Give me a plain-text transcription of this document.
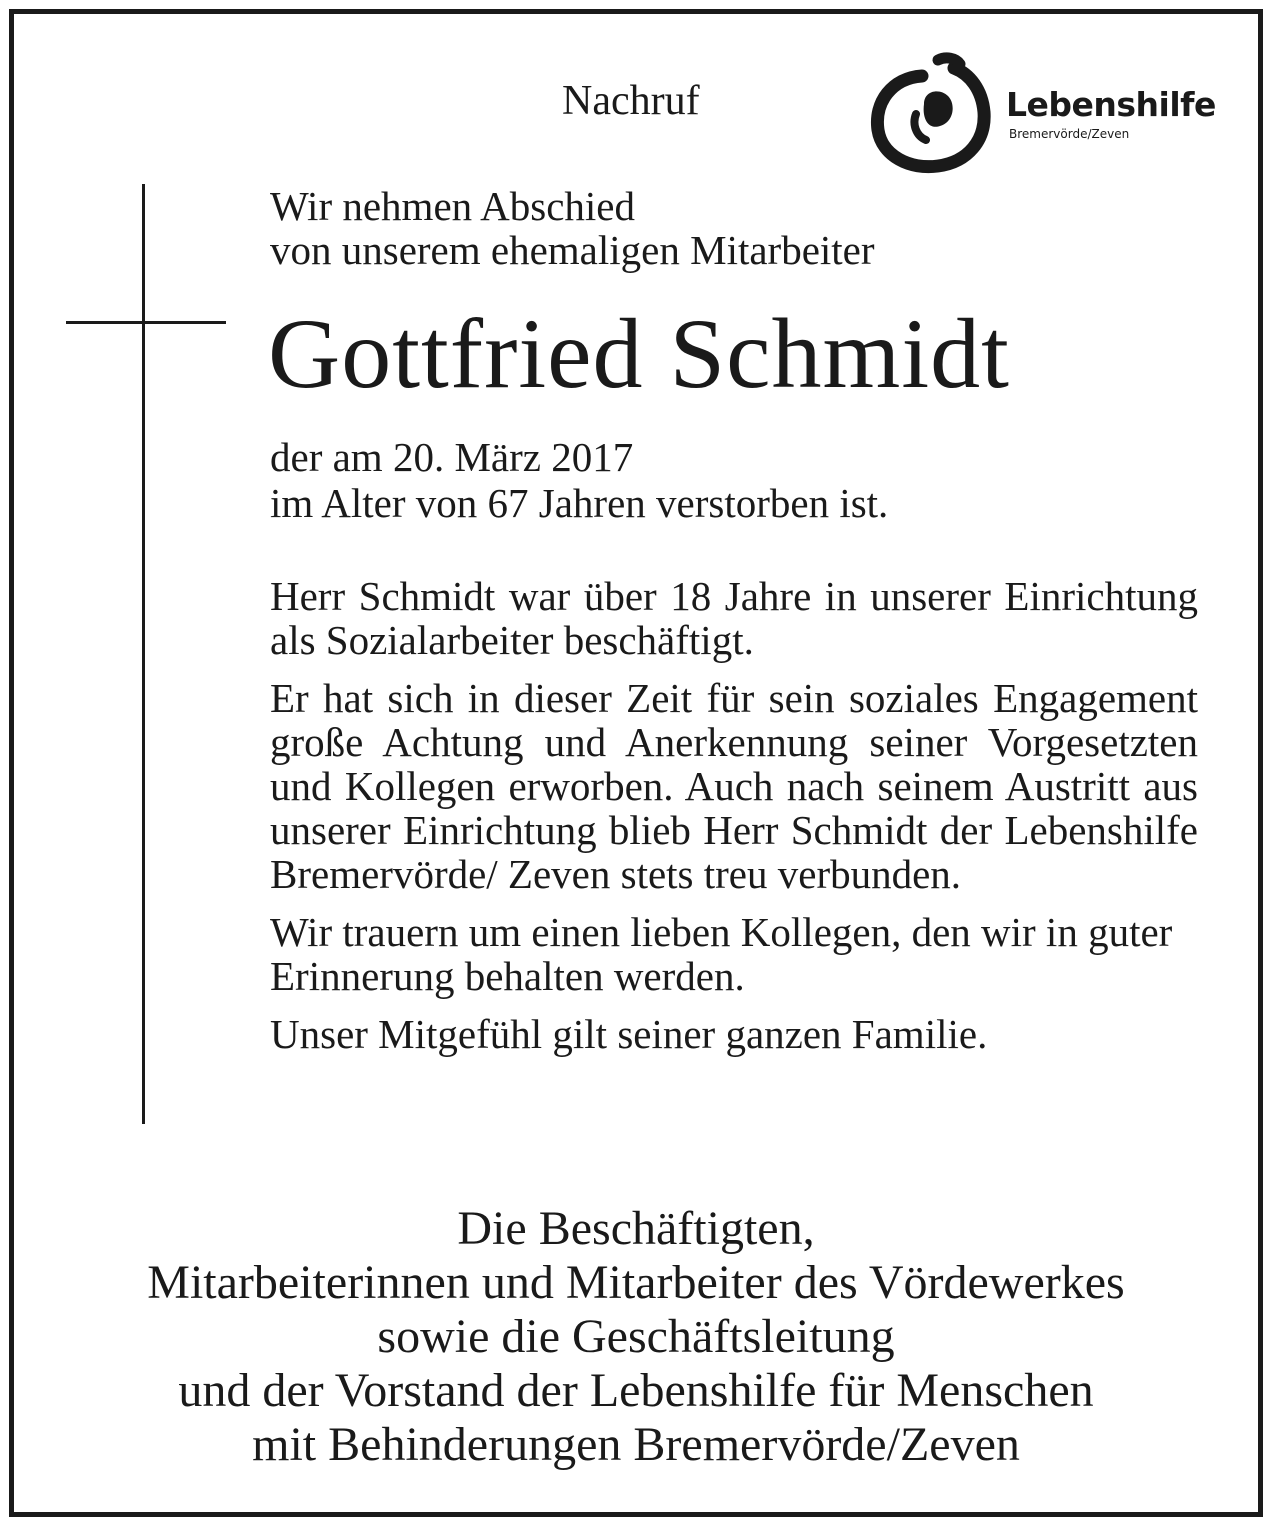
Nachruf	Lebenshilfe
Bremervörde/Zeven
Wir nehmen Abschied
von unserem ehemaligen Mitarbeiter
Gottfried Schmidt
der am 20. März 2017
im Alter von 67 Jahren verstorben ist.

Herr Schmidt war über 18 Jahre in unserer Einrichtung als Sozialarbeiter beschäftigt.

Er hat sich in dieser Zeit für sein soziales Engagement große Achtung und Anerkennung seiner Vorgesetzten und Kollegen erworben. Auch nach seinem Austritt aus unserer Einrichtung blieb Herr Schmidt der Lebenshilfe Bremervörde/ Zeven stets treu verbunden.

Wir trauern um einen lieben Kollegen, den wir in guter Erinnerung behalten werden.

Unser Mitgefühl gilt seiner ganzen Familie.

Die Beschäftigten,
Mitarbeiterinnen und Mitarbeiter des Vördewerkes
sowie die Geschäftsleitung
und der Vorstand der Lebenshilfe für Menschen
mit Behinderungen Bremervörde/Zeven
